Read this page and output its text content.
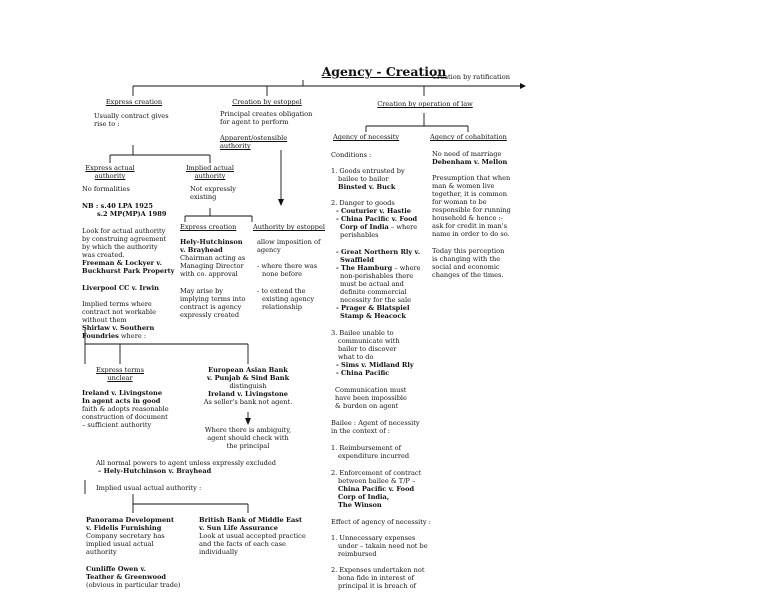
Agency - Creation
Creation by ratification
Express creation
Usually contract gives
rise to :
Creation by estoppel
Principal creates obligation
for agent to perform
Apparent/ostensible
authority
Creation by operation of law
Express actual
authority
No formalities
NB : s.40 LPA 1925
s.2 MP(MP)A 1989
Look for actual authority
by construing agreement
by which the authority
was created.
Freeman & Lockyer v.
Buckhurst Park Property
Liverpool CC v. Irwin
Implied terms where
contract not workable
without them
Shirlaw v. Southern
Foundries where :
Implied actual
authority
Not expressly
existing
Express creation
Hely-Hutchinson
v. Brayhead
Chairman acting as
Managing Director
with co. approval
May arise by
implying terms into
contract is agency
expressly created
Authority by estoppel
allow imposition of
agency
- where there was
none before
- to extend the
existing agency
relationship
Express terms
unclear
Ireland v. Livingstone
In agent acts in good
faith & adopts reasonable
construction of document
– sufficient authority
European Asian Bank
v. Punjab & Sind Bank
distinguish
Ireland v. Livingstone
As seller's bank not agent.
Where there is ambiguity,
agent should check with
the principal
All normal powers to agent unless expressly excluded
– Hely-Hutchinson v. Brayhead
Implied usual actual authority :
Panorama Development
v. Fidelis Furnishing
Company secretary has
implied usual actual
authority
Cunliffe Owen v.
Teather & Greenwood
(obvious in particular trade)
British Bank of Middle East
v. Sun Life Assurance
Look at usual accepted practice
and the facts of each case
individually
Agency of necessity
Conditions :
1. Goods entrusted by
bailee to bailor
Binsted v. Buck
2. Danger to goods
- Couturier v. Hastie
- China Pacific v. Food
Corp of India – where
perishables
- Great Northern Rly v.
Swaffield
- The Hamburg – where
non-perishables there
must be actual and
definite commercial
necessity for the sale
- Prager & Blatspiel
Stamp & Heacock
3. Bailee unable to
communicate with
bailer to discover
what to do
- Sims v. Midland Rly
- China Pacific
Communication must
have been impossible
& burden on agent
Bailee : Agent of necessity
in the context of :
1. Reimbursement of
expenditure incurred
2. Enforcement of contract
between bailee & T/P –
China Pacific v. Food
Corp of India,
The Winson
Effect of agency of necessity :
1. Unnecessary expenses
under – takain need not be
reimbursed
2. Expenses undertaken not
bona fide in interest of
principal it is breach of
Agency of cohabitation
No need of marriage
Debenham v. Mellon
Presumption that when
man & women live
together, it is common
for woman to be
responsible for running
household & hence :-
ask for credit in man's
name in order to do so.
Today this perception
is changing with the
social and economic
changes of the times.
